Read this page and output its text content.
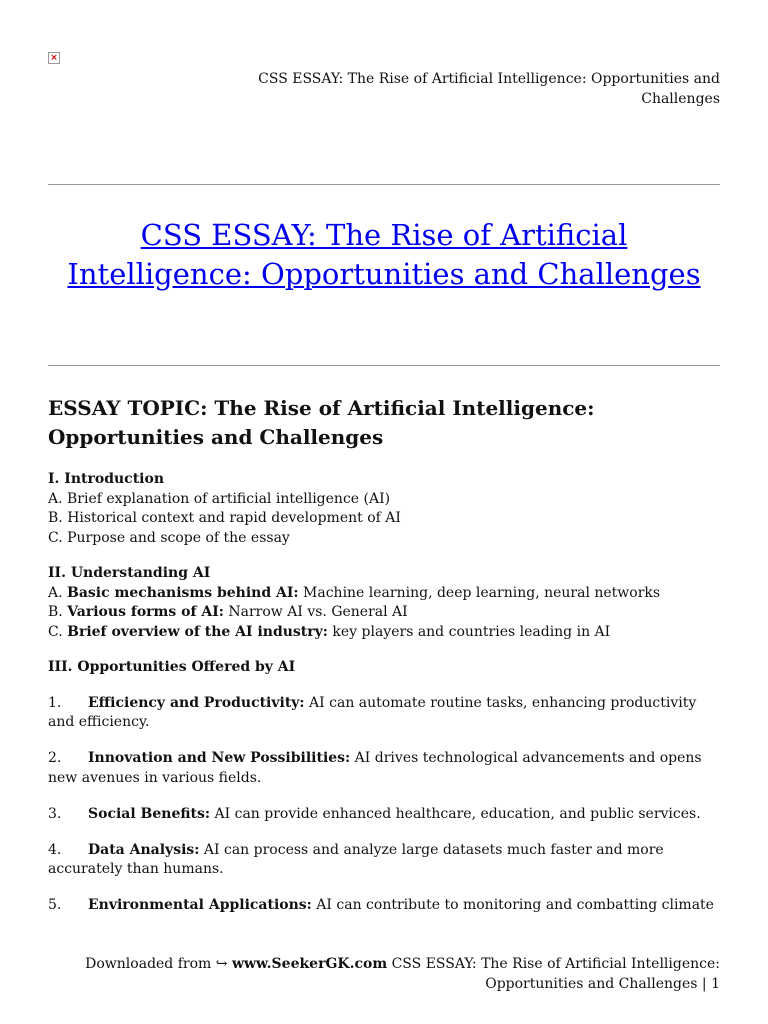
×
CSS ESSAY: The Rise of Artificial Intelligence: Opportunities and Challenges
CSS ESSAY: The Rise of Artificial Intelligence: Opportunities and Challenges
ESSAY TOPIC: The Rise of Artificial Intelligence: Opportunities and Challenges
I. Introduction
A. Brief explanation of artificial intelligence (AI)
B. Historical context and rapid development of AI
C. Purpose and scope of the essay
II. Understanding AI
A. Basic mechanisms behind AI: Machine learning, deep learning, neural networks
B. Various forms of AI: Narrow AI vs. General AI
C. Brief overview of the AI industry: key players and countries leading in AI
III. Opportunities Offered by AI
1. Efficiency and Productivity: AI can automate routine tasks, enhancing productivity and efficiency.
2. Innovation and New Possibilities: AI drives technological advancements and opens new avenues in various fields.
3. Social Benefits: AI can provide enhanced healthcare, education, and public services.
4. Data Analysis: AI can process and analyze large datasets much faster and more accurately than humans.
5. Environmental Applications: AI can contribute to monitoring and combatting climate
Downloaded from ↪ www.SeekerGK.com CSS ESSAY: The Rise of Artificial Intelligence: Opportunities and Challenges | 1
